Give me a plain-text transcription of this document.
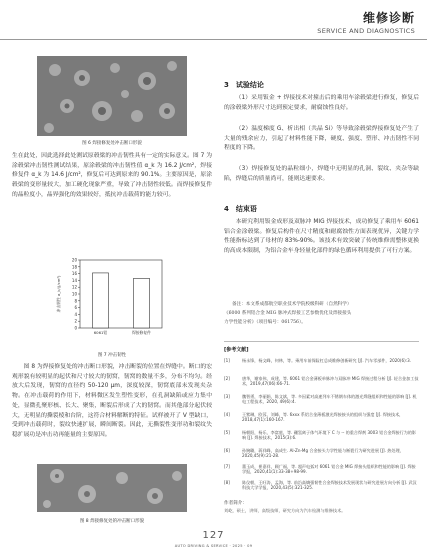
维修诊断
SERVICE AND DIAGNOSTICS
图 6 焊接修复处冲击断口形貌
生在此处，因此选择此处测试原毂梁的冲击韧性具有一定的实际意义。图 7 为涂毂梁冲击韧性测试结果，原涂毂梁的冲击韧性值 α_k 为 16.2 J/cm²，焊接修复件 α_k 为 14.6 J/cm²，修复后可达到原来的 90.1%。主要原因是，原涂毂梁的变形量较大，加工硬化现象严重，导致了冲击韧性较低。而焊接修复件的晶粒度小，晶界强化的效果较好，抵抗冲击载荷的能力较可。
0
2
4
6
8
10
12
14
16
18
20
冲击韧性 α_k/(J/cm²)
6061铝	焊接修复件
图 7 冲击韧性
图 8 为焊接修复处的冲击断口形貌，冲击断裂的位置在焊缝中。断口的宏观形貌有较明显的起伏和尺寸较大的韧窝，韧窝的数量不多，分布不均匀。经放大后发现，韧窝的直径约 50-120 μm，深度较深，韧窝底部未发现夹杂物。在冲击载荷的作用下，材料微区发生塑性变形，在孔洞缺陷或应力集中处，显微孔聚形核、长大、聚集，断裂后形成了大的韧窝。而其他部分起伏较大，无明显的撕裂棱和台阶，这符合材料解断的特征。试样被开了 V 型缺口，受到冲击载荷时，裂纹快速扩展，瞬间断裂。因此，无撕裂性变形功和裂纹失稳扩展功是冲击功再能量的主要原因。
图 8 焊接修复处的冲击断口形貌
3　试验结论
（1）采用钣金 + 焊接技术对撞击后的乘用车涂毂梁进行修复，修复后的涂毂梁外形尺寸达到预定要求，耐腐蚀性良好。
（2）温度梯度 G、析出相（共晶 Si）等导致涂毂梁焊接修复处产生了大量的残余应力，引起了材料性能下降，硬度、强度、塑形、冲击韧性不同程度的下降。
（3）焊接修复处的晶粒细小，焊缝中无明显的孔洞、裂纹、夹杂等缺陷，焊缝后的质量尚可，能则达速要求。
4　结束语
本研究利用钣金成形及双脉冲 MIG 焊接技术，成功修复了乘用车 6061 铝合金涂毂梁。修复后构件在尺寸精度和耐腐蚀性方面表现优异，关键力学性能指标达到了母材的 83%-90%。该技术有效突破了传统维修需整体更换的高成本限制，为铝合金车身轻量化部件的绿色循环利用提供了可行方案。
备注：本文系成都航空职业技术学院校级科研（自然科学）
《6000 系列铝合金 MIG 脉冲式焊接工艺参数优化及焊接接头
力学性能分析》（项目编号：061756）。
[参考文献]
[1]	杨永锋，杨文峰，何林，等。乘用车前保险杠总成维修创新研究 [J]. 汽车零部件，2020(6):3.
[2]	唐华，谢家伟，成建，等. 6061 铝合金薄板单脉冲与双脉冲 MIG 焊接过程分析 [J]. 轻合金加工技术，2019,47(06):66-71.
[3]	魏智勇，李丽娟，陈文斌，等. 多因素对高速列车不锈钢车体的激光焊缝组织和性能的影响 [J]. 机电工程技术，2020, 49(6):4.
[4]	王紫琳，欧蓉，刘峰，等. 6xxx 系铝合金薄板激光焊接接头的组织与强度 [J]. 焊接技术，2018,47(1):160-167.
[5]	杨朝阳，杨乐，李富庭，等. 硼氢离子体气环境下 C 与 -- 的重合焊剂 3003 铝合金焊接行为的影响 [J]. 焊接技术，2015(3):6.
[6]	孙婉璐，蒋祥峰，高成生. Al-Zn-Mg 合金接头力学性能与断裂行为研究进展 [J]. 热处理，2020,45(9):21-28.
[7]	董玉成，崔嘉祥，顾广福，等. 超声电弧对 6061 铝合金 MIG 焊接头组织和性能的影响 [J]. 焊接学报，2020,41(1):33-38+98-99.
[8]	陈仪朝，王旺涛，孟海，等. 前沿高熵强韧性合金焊接技术发展现状与研究进展方向分析 [J]. 武汉科技大学学报，2020,43(5):321-325.
作者简介：
刘屹，硕士，讲师，高级技师，研究方向为汽车检测与维修技术。
127
AUTO DRIVING & SERVICE · 2025 · 09
